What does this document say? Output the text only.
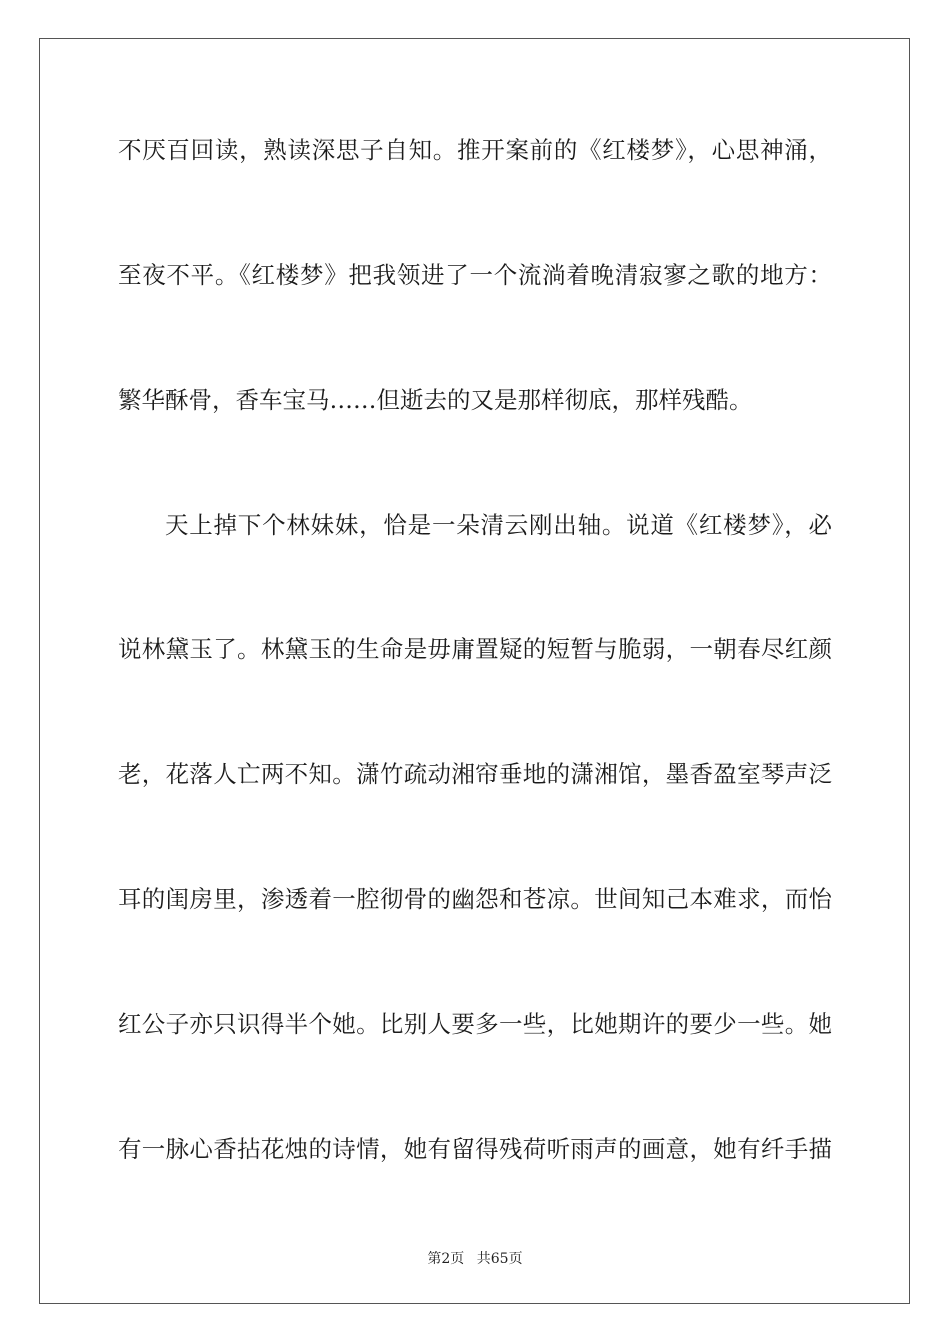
不厌百回读，熟读深思子自知。推开案前的《红楼梦》，心思神涌，
至夜不平。《红楼梦》把我领进了一个流淌着晚清寂寥之歌的地方：
繁华酥骨，香车宝马……但逝去的又是那样彻底，那样残酷。
天上掉下个林妹妹，恰是一朵清云刚出轴。说道《红楼梦》，必
说林黛玉了。林黛玉的生命是毋庸置疑的短暂与脆弱，一朝春尽红颜
老，花落人亡两不知。潇竹疏动湘帘垂地的潇湘馆，墨香盈室琴声泛
耳的闺房里，渗透着一腔彻骨的幽怨和苍凉。世间知己本难求，而怡
红公子亦只识得半个她。比别人要多一些，比她期许的要少一些。她
有一脉心香拈花烛的诗情，她有留得残荷听雨声的画意，她有纤手描
第2页 共65页
